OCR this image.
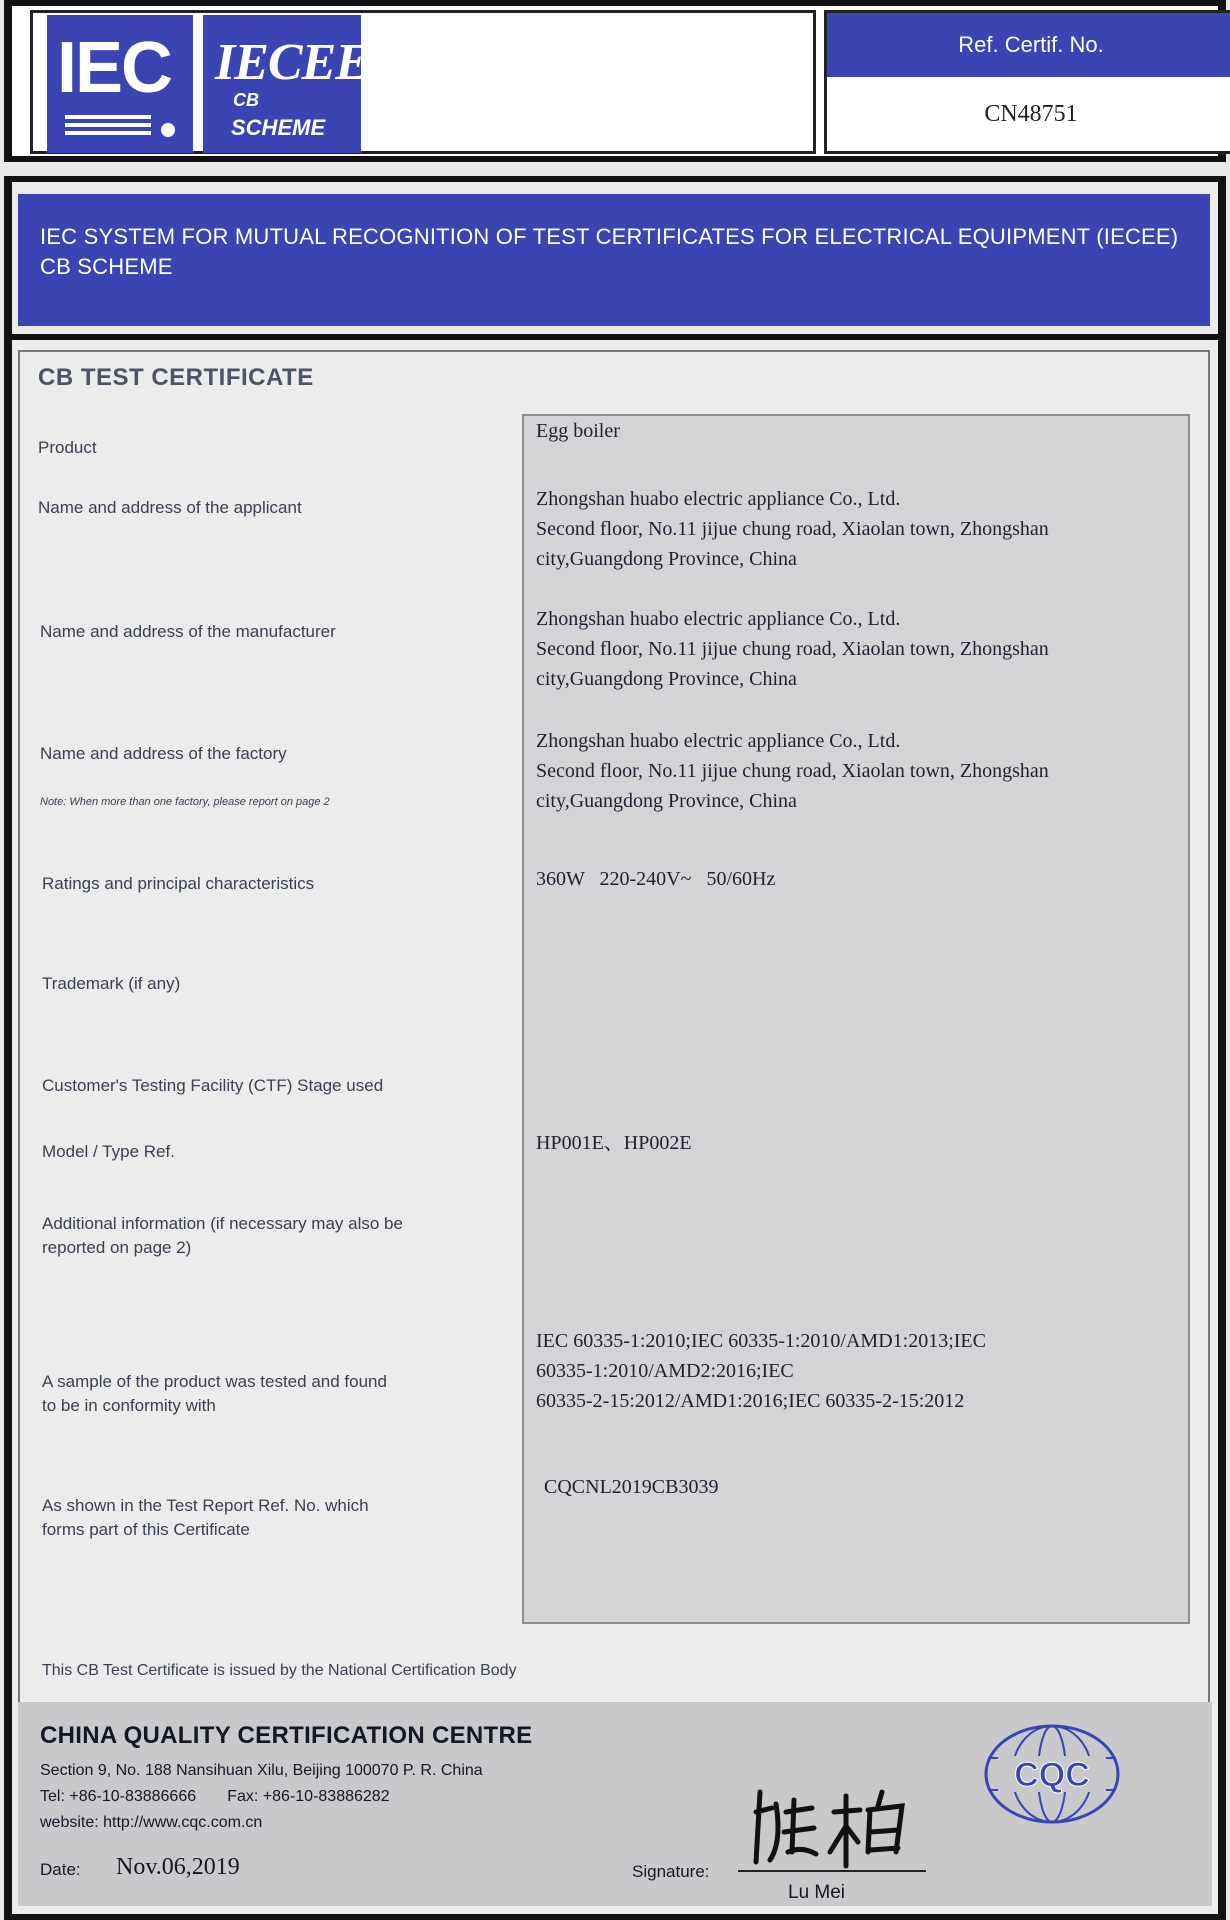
IEC IECEE
CB
SCHEME
Ref. Certif. No.
CN48751
IEC SYSTEM FOR MUTUAL RECOGNITION OF TEST CERTIFICATES FOR ELECTRICAL EQUIPMENT (IECEE) CB SCHEME
CB TEST CERTIFICATE
Product
Name and address of the applicant
Name and address of the manufacturer
Name and address of the factory
Note: When more than one factory, please report on page 2
Ratings and principal characteristics
Trademark (if any)
Customer's Testing Facility (CTF) Stage used
Model / Type Ref.
Additional information (if necessary may also be
reported on page 2)
A sample of the product was tested and found
to be in conformity with
As shown in the Test Report Ref. No. which
forms part of this Certificate
Egg boiler
Zhongshan huabo electric appliance Co., Ltd.
Second floor, No.11 jijue chung road, Xiaolan town, Zhongshan
city,Guangdong Province, China
Zhongshan huabo electric appliance Co., Ltd.
Second floor, No.11 jijue chung road, Xiaolan town, Zhongshan
city,Guangdong Province, China
Zhongshan huabo electric appliance Co., Ltd.
Second floor, No.11 jijue chung road, Xiaolan town, Zhongshan
city,Guangdong Province, China
360W   220-240V~   50/60Hz
HP001E、HP002E
IEC 60335-1:2010;IEC 60335-1:2010/AMD1:2013;IEC
60335-1:2010/AMD2:2016;IEC
60335-2-15:2012/AMD1:2016;IEC 60335-2-15:2012
CQCNL2019CB3039
This CB Test Certificate is issued by the National Certification Body
CHINA QUALITY CERTIFICATION CENTRE
Section 9, No. 188 Nansihuan Xilu, Beijing 100070 P. R. China
Tel: +86-10-83886666       Fax: +86-10-83886282
website: http://www.cqc.com.cn
Date: Nov.06,2019	Signature:
Lu Mei
CQC
